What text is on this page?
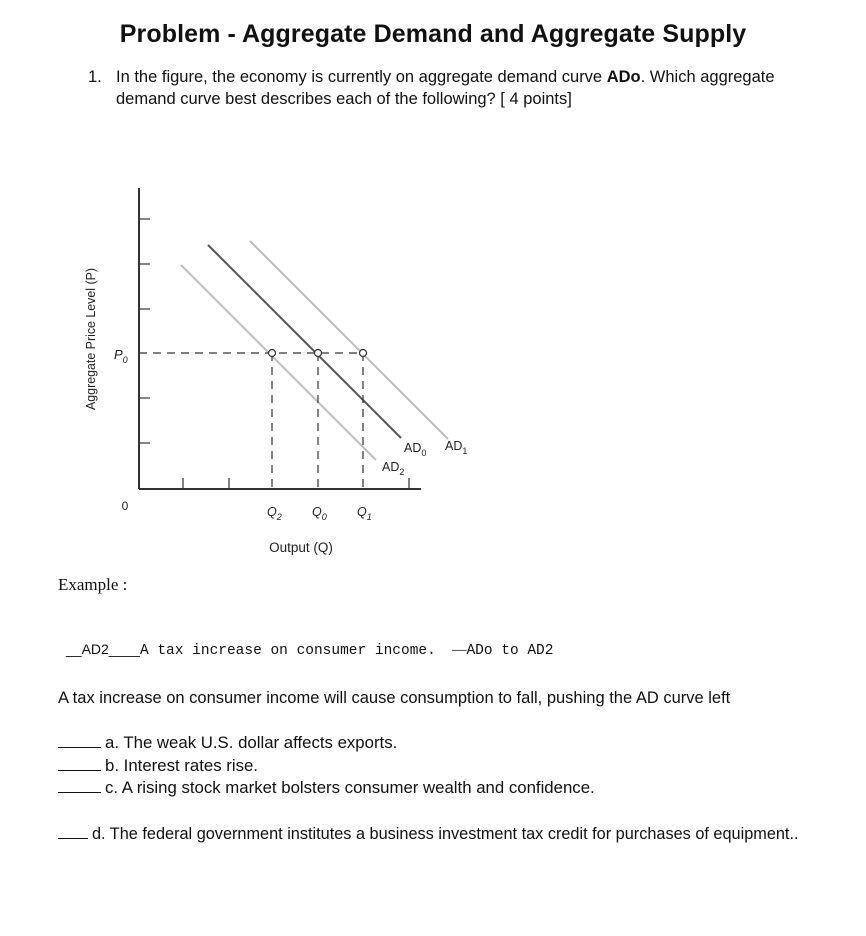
Problem - Aggregate Demand and Aggregate Supply
1. In the figure, the economy is currently on aggregate demand curve ADo. Which aggregate demand curve best describes each of the following? [ 4 points]
Aggregate Price Level (P)
Output (Q)
0
$P_0$
$Q_2$ $Q_0$ $Q_1$
$AD_0$ $AD_1$
$AD_2$
Example :
__AD2____A tax increase on consumer income. —ADo to AD2
A tax increase on consumer income will cause consumption to fall, pushing the AD curve left
a. The weak U.S. dollar affects exports.
b. Interest rates rise.
c. A rising stock market bolsters consumer wealth and confidence.
d. The federal government institutes a business investment tax credit for purchases of equipment..
